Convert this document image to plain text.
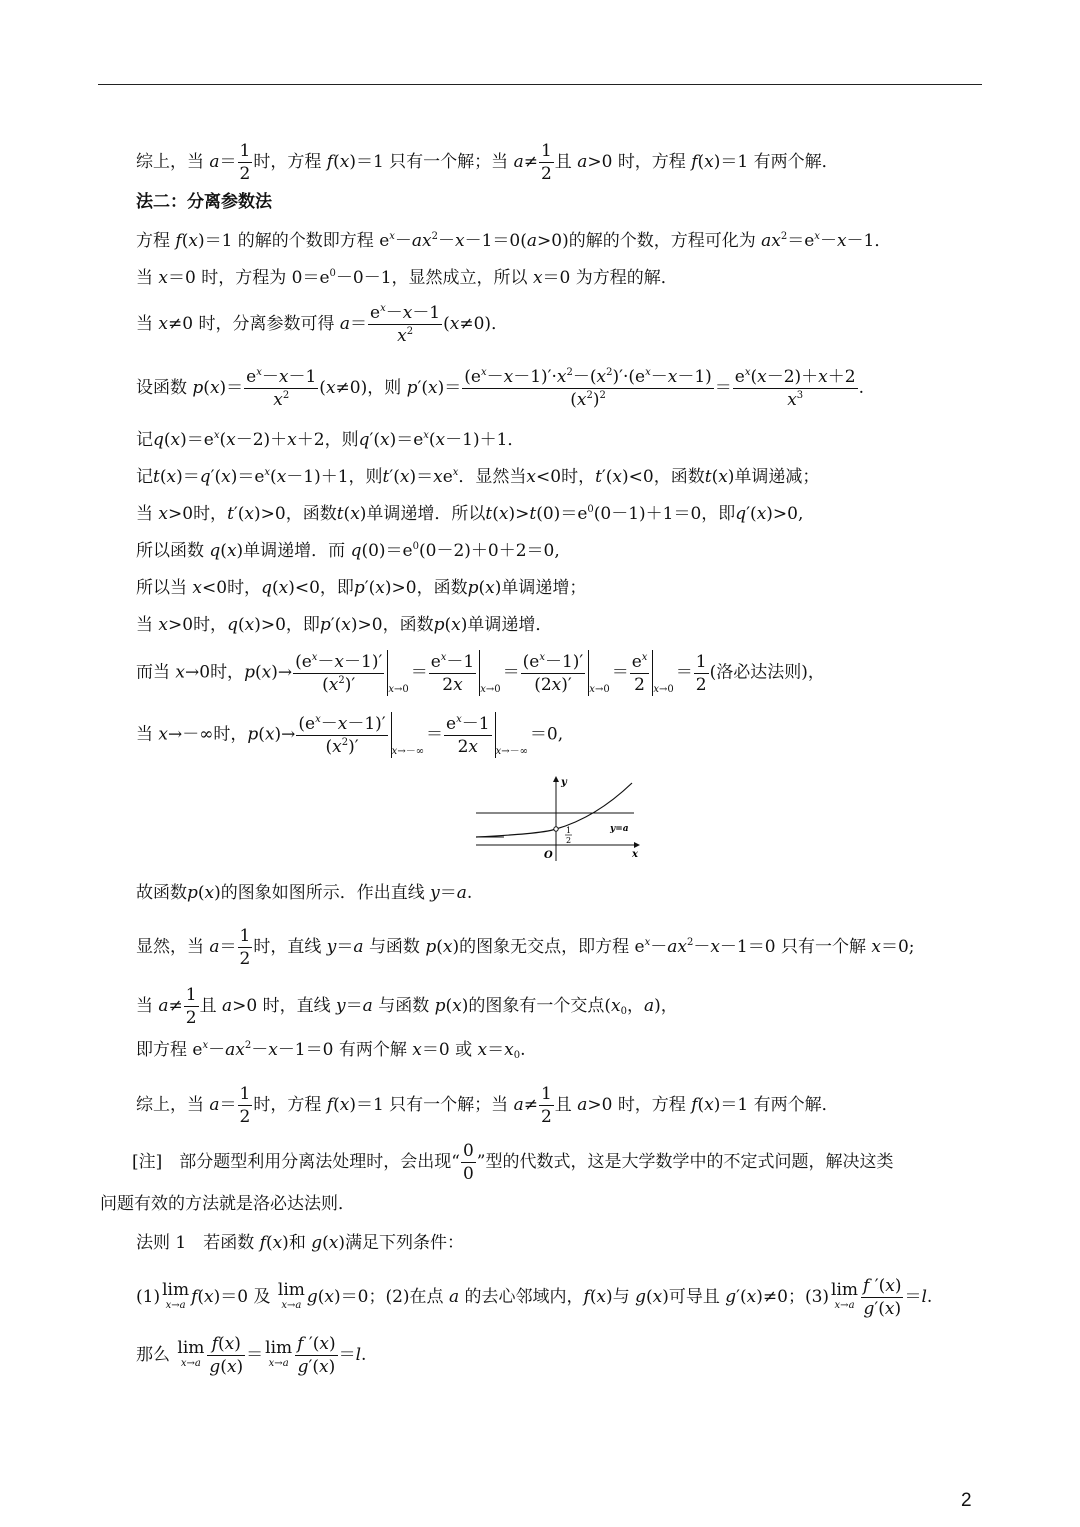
综上，当 $a= \frac{1}{2}$ 时，方程 f(x)＝1 只有一个解；当 $a\ne \frac{1}{2}$ 且 a>0 时，方程 f(x)＝1 有两个解．
法二：分离参数法
方程 f(x)＝1 的解的个数即方程 $e^x-ax^2-x-1=0(a>0)$的解的个数，方程可化为 $ax^2=e^x-x-1$．
当 x＝0 时，方程为 $0=e^0-0-1$，显然成立，所以 x＝0 为方程的解．
当 x≠0 时，分离参数可得 $a= \frac{e^x-x-1}{x^2} (x\ne 0)$．
设函数 $p(x)= \frac{e^x-x-1}{x^2} (x\ne 0)$，则 $p'(x)= \frac{(e^x-x-1)'\cdot x^2-(x^2)'\cdot(e^x-x-1)}{(x^2)^2} = \frac{e^x(x-2)+x+2}{x^3}$ .
记$q(x)=e^x(x-2)+x+2$，则$q'(x)=e^x(x-1)+1$．
记$t(x)=q'(x)=e^x(x-1)+1$，则$t'(x)=xe^x$．显然当x<0时，t′(x)<0，函数t(x)单调递减；
当 x>0时，t′(x)>0，函数t(x)单调递增．所以$t(x)>t(0)=e^0(0-1)+1=0$，即q′(x)>0,
所以函数 q(x)单调递增．而 $q(0)=e^0(0-2)+0+2=0$,
所以当 x<0时，q(x)<0，即p′(x)>0，函数p(x)单调递增；
当 x>0时，q(x)>0，即p′(x)>0，函数p(x)单调递增．
而当 x→0时，$p(x)\to \frac{(e^x-x-1)'}{(x^2)'} _{x\to 0}= \frac{e^x-1}{2x} _{x\to 0}= \frac{(e^x-1)'}{(2x)'} _{x\to 0}= \frac{e^x}{2} _{x\to 0}= \frac{1}{2}$ (洛必达法则)，
当 x→－∞时，$p(x)\to \frac{(e^x-x-1)'}{(x^2)'} _{x\to-\infty}= \frac{e^x-1}{2x} _{x\to-\infty}=0$,
y
x
O
1
2
y=a
故函数p(x)的图象如图所示．作出直线 y＝a.
显然，当 $a= \frac{1}{2}$ 时，直线 y＝a 与函数 p(x)的图象无交点，即方程 $e^x-ax^2-x-1=0$ 只有一个解 x＝0;
当 $a\ne \frac{1}{2}$ 且 a>0 时，直线 y＝a 与函数 p(x)的图象有一个交点($x_0$，a)，
即方程 $e^x-ax^2-x-1=0$ 有两个解 x＝0 或 $x=x_0$.
综上，当 $a= \frac{1}{2}$ 时，方程 f(x)＝1 只有一个解；当 $a\ne \frac{1}{2}$ 且 a>0 时，方程 f(x)＝1 有两个解．
[注]　部分题型利用分离法处理时，会出现“ $\frac{0}{0}$ ”型的代数式，这是大学数学中的不定式问题，解决这类
问题有效的方法就是洛必达法则．
法则 1　若函数 f(x)和 g(x)满足下列条件：
(1) lim
x→a f(x)＝0 及 lim
x→a g(x)＝0；(2)在点 a 的去心邻域内，f(x)与 g(x)可导且 g′(x)≠0；(3) lim
$x\to a \frac{f '(x)}{g'(x)} =l$.
那么 lim
$x\to a \frac{f(x)}{g(x)} = \lim$
$x\to a \frac{f '(x)}{g'(x)} =l$.
2
